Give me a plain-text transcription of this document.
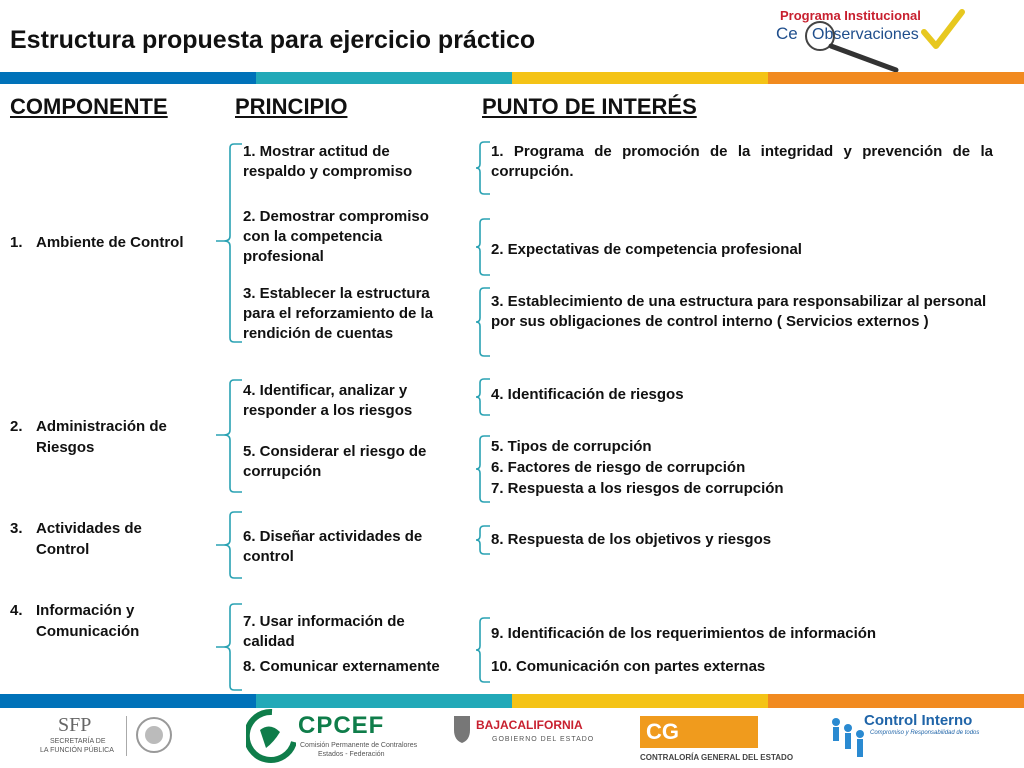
Estructura propuesta para ejercicio práctico
Programa Institucional
Ce Observaciones
COMPONENTE	PRINCIPIO	PUNTO DE INTERÉS
1. Ambiente de Control
2. Administración de Riesgos
3. Actividades de Control
4. Información y Comunicación
1. Mostrar actitud de respaldo y compromiso
2. Demostrar compromiso con la competencia profesional
3. Establecer la estructura para el reforzamiento de la rendición de cuentas
4. Identificar, analizar y responder a los riesgos
5. Considerar el riesgo de corrupción
6. Diseñar actividades de control
7. Usar información de calidad
8. Comunicar externamente
1. Programa de promoción de la integridad y prevención de la corrupción.
2. Expectativas de competencia profesional
3. Establecimiento de una estructura para responsabilizar al personal por sus obligaciones de control interno ( Servicios externos )
4. Identificación de riesgos
5. Tipos de corrupción
6. Factores de riesgo de corrupción
7. Respuesta a los riesgos de corrupción
8. Respuesta de los objetivos y riesgos
9. Identificación de los requerimientos de información
10. Comunicación con partes externas
SFP
SECRETARÍA DE
LA FUNCIÓN PÚBLICA
CPCEF
Comisión Permanente de Contralores
Estados - Federación
BAJACALIFORNIA
GOBIERNO DEL ESTADO CG
CONTRALORÍA GENERAL DEL ESTADO
Control Interno
Compromiso y Responsabilidad de todos
